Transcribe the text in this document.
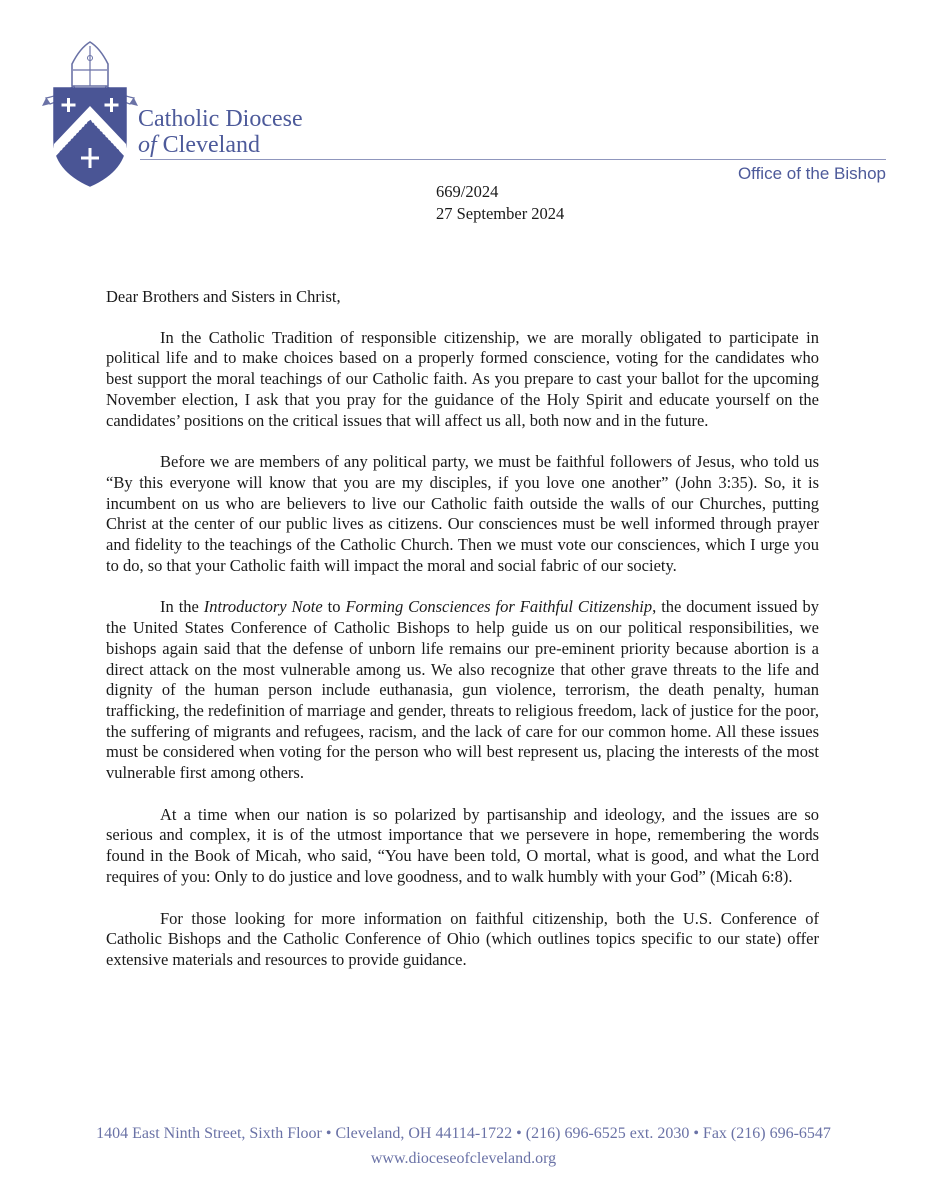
Catholic Diocese
of Cleveland
Office of the Bishop
669/2024
27 September 2024
Dear Brothers and Sisters in Christ,

In the Catholic Tradition of responsible citizenship, we are morally obligated to participate in political life and to make choices based on a properly formed conscience, voting for the candidates who best support the moral teachings of our Catholic faith. As you prepare to cast your ballot for the upcoming November election, I ask that you pray for the guidance of the Holy Spirit and educate yourself on the candidates’ positions on the critical issues that will affect us all, both now and in the future.

Before we are members of any political party, we must be faithful followers of Jesus, who told us “By this everyone will know that you are my disciples, if you love one another” (John 3:35). So, it is incumbent on us who are believers to live our Catholic faith outside the walls of our Churches, putting Christ at the center of our public lives as citizens. Our consciences must be well informed through prayer and fidelity to the teachings of the Catholic Church. Then we must vote our consciences, which I urge you to do, so that your Catholic faith will impact the moral and social fabric of our society.

In the Introductory Note to Forming Consciences for Faithful Citizenship, the document issued by the United States Conference of Catholic Bishops to help guide us on our political responsibilities, we bishops again said that the defense of unborn life remains our pre-eminent priority because abortion is a direct attack on the most vulnerable among us. We also recognize that other grave threats to the life and dignity of the human person include euthanasia, gun violence, terrorism, the death penalty, human trafficking, the redefinition of marriage and gender, threats to religious freedom, lack of justice for the poor, the suffering of migrants and refugees, racism, and the lack of care for our common home. All these issues must be considered when voting for the person who will best represent us, placing the interests of the most vulnerable first among others.

At a time when our nation is so polarized by partisanship and ideology, and the issues are so serious and complex, it is of the utmost importance that we persevere in hope, remembering the words found in the Book of Micah, who said, “You have been told, O mortal, what is good, and what the Lord requires of you: Only to do justice and love goodness, and to walk humbly with your God” (Micah 6:8).

For those looking for more information on faithful citizenship, both the U.S. Conference of Catholic Bishops and the Catholic Conference of Ohio (which outlines topics specific to our state) offer extensive materials and resources to provide guidance.

1404 East Ninth Street, Sixth Floor • Cleveland, OH 44114-1722 • (216) 696-6525 ext. 2030 • Fax (216) 696-6547
www.dioceseofcleveland.org
